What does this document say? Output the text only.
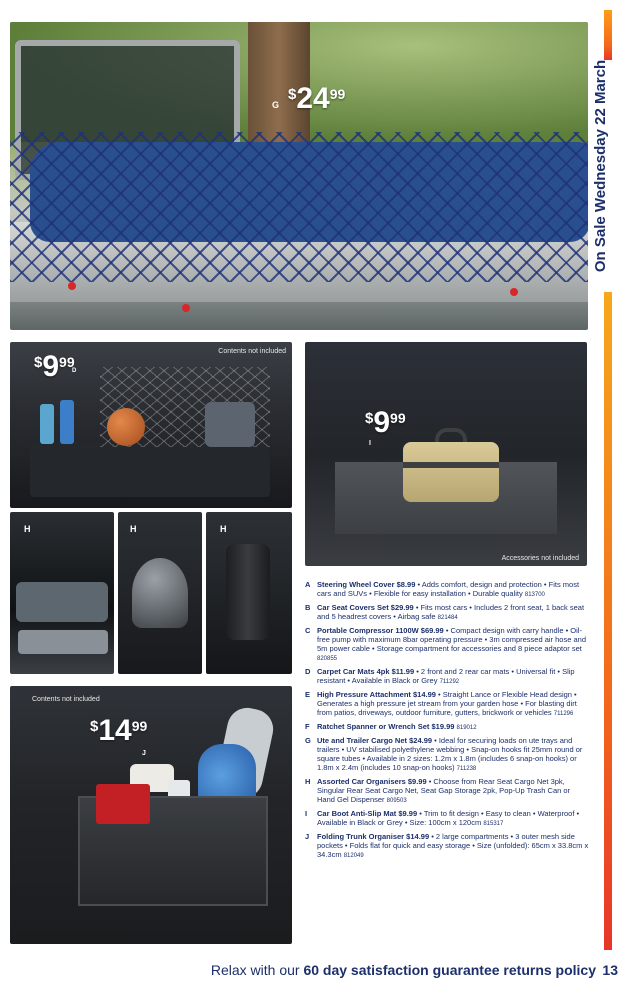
On Sale Wednesday 22 March
G
$ 24 99
$ 9 99
D
Contents not included
H	H	H
$ 9 99
I
Accessories not included
Contents not included
$ 14 99
J
A Steering Wheel Cover $8.99 • Adds comfort, design and protection • Fits most cars and SUVs • Flexible for easy installation • Durable quality 813700
B Car Seat Covers Set $29.99 • Fits most cars • Includes 2 front seat, 1 back seat and 5 headrest covers • Airbag safe 821484
C Portable Compressor 1100W $69.99 • Compact design with carry handle • Oil-free pump with maximum 8bar operating pressure • 3m compressed air hose and 5m power cable • Storage compartment for accessories and 8 piece adaptor set 820855
D Carpet Car Mats 4pk $11.99 • 2 front and 2 rear car mats • Universal fit • Slip resistant • Available in Black or Grey 711292
E High Pressure Attachment $14.99 • Straight Lance or Flexible Head design • Generates a high pressure jet stream from your garden hose • For blasting dirt from patios, driveways, outdoor furniture, gutters, brickwork or vehicles 711296
F Ratchet Spanner or Wrench Set $19.99 819012
G Ute and Trailer Cargo Net $24.99 • Ideal for securing loads on ute trays and trailers • UV stabilised polyethylene webbing • Snap-on hooks fit 25mm round or square tubes • Available in 2 sizes: 1.2m x 1.8m (includes 6 snap-on hooks) or 1.8m x 2.4m (includes 10 snap-on hooks) 711238
H Assorted Car Organisers $9.99 • Choose from Rear Seat Cargo Net 3pk, Singular Rear Seat Cargo Net, Seat Gap Storage 2pk, Pop-Up Trash Can or Hand Gel Dispenser 809503
I	Car Boot Anti-Slip Mat $9.99 • Trim to fit design • Easy to clean • Waterproof • Available in Black or Grey • Size: 100cm x 120cm 815317
J	Folding Trunk Organiser $14.99 • 2 large compartments • 3 outer mesh side pockets • Folds flat for quick and easy storage • Size (unfolded): 65cm x 33.8cm x 34.3cm 812049
Relax with our 60 day satisfaction guarantee returns policy 13
